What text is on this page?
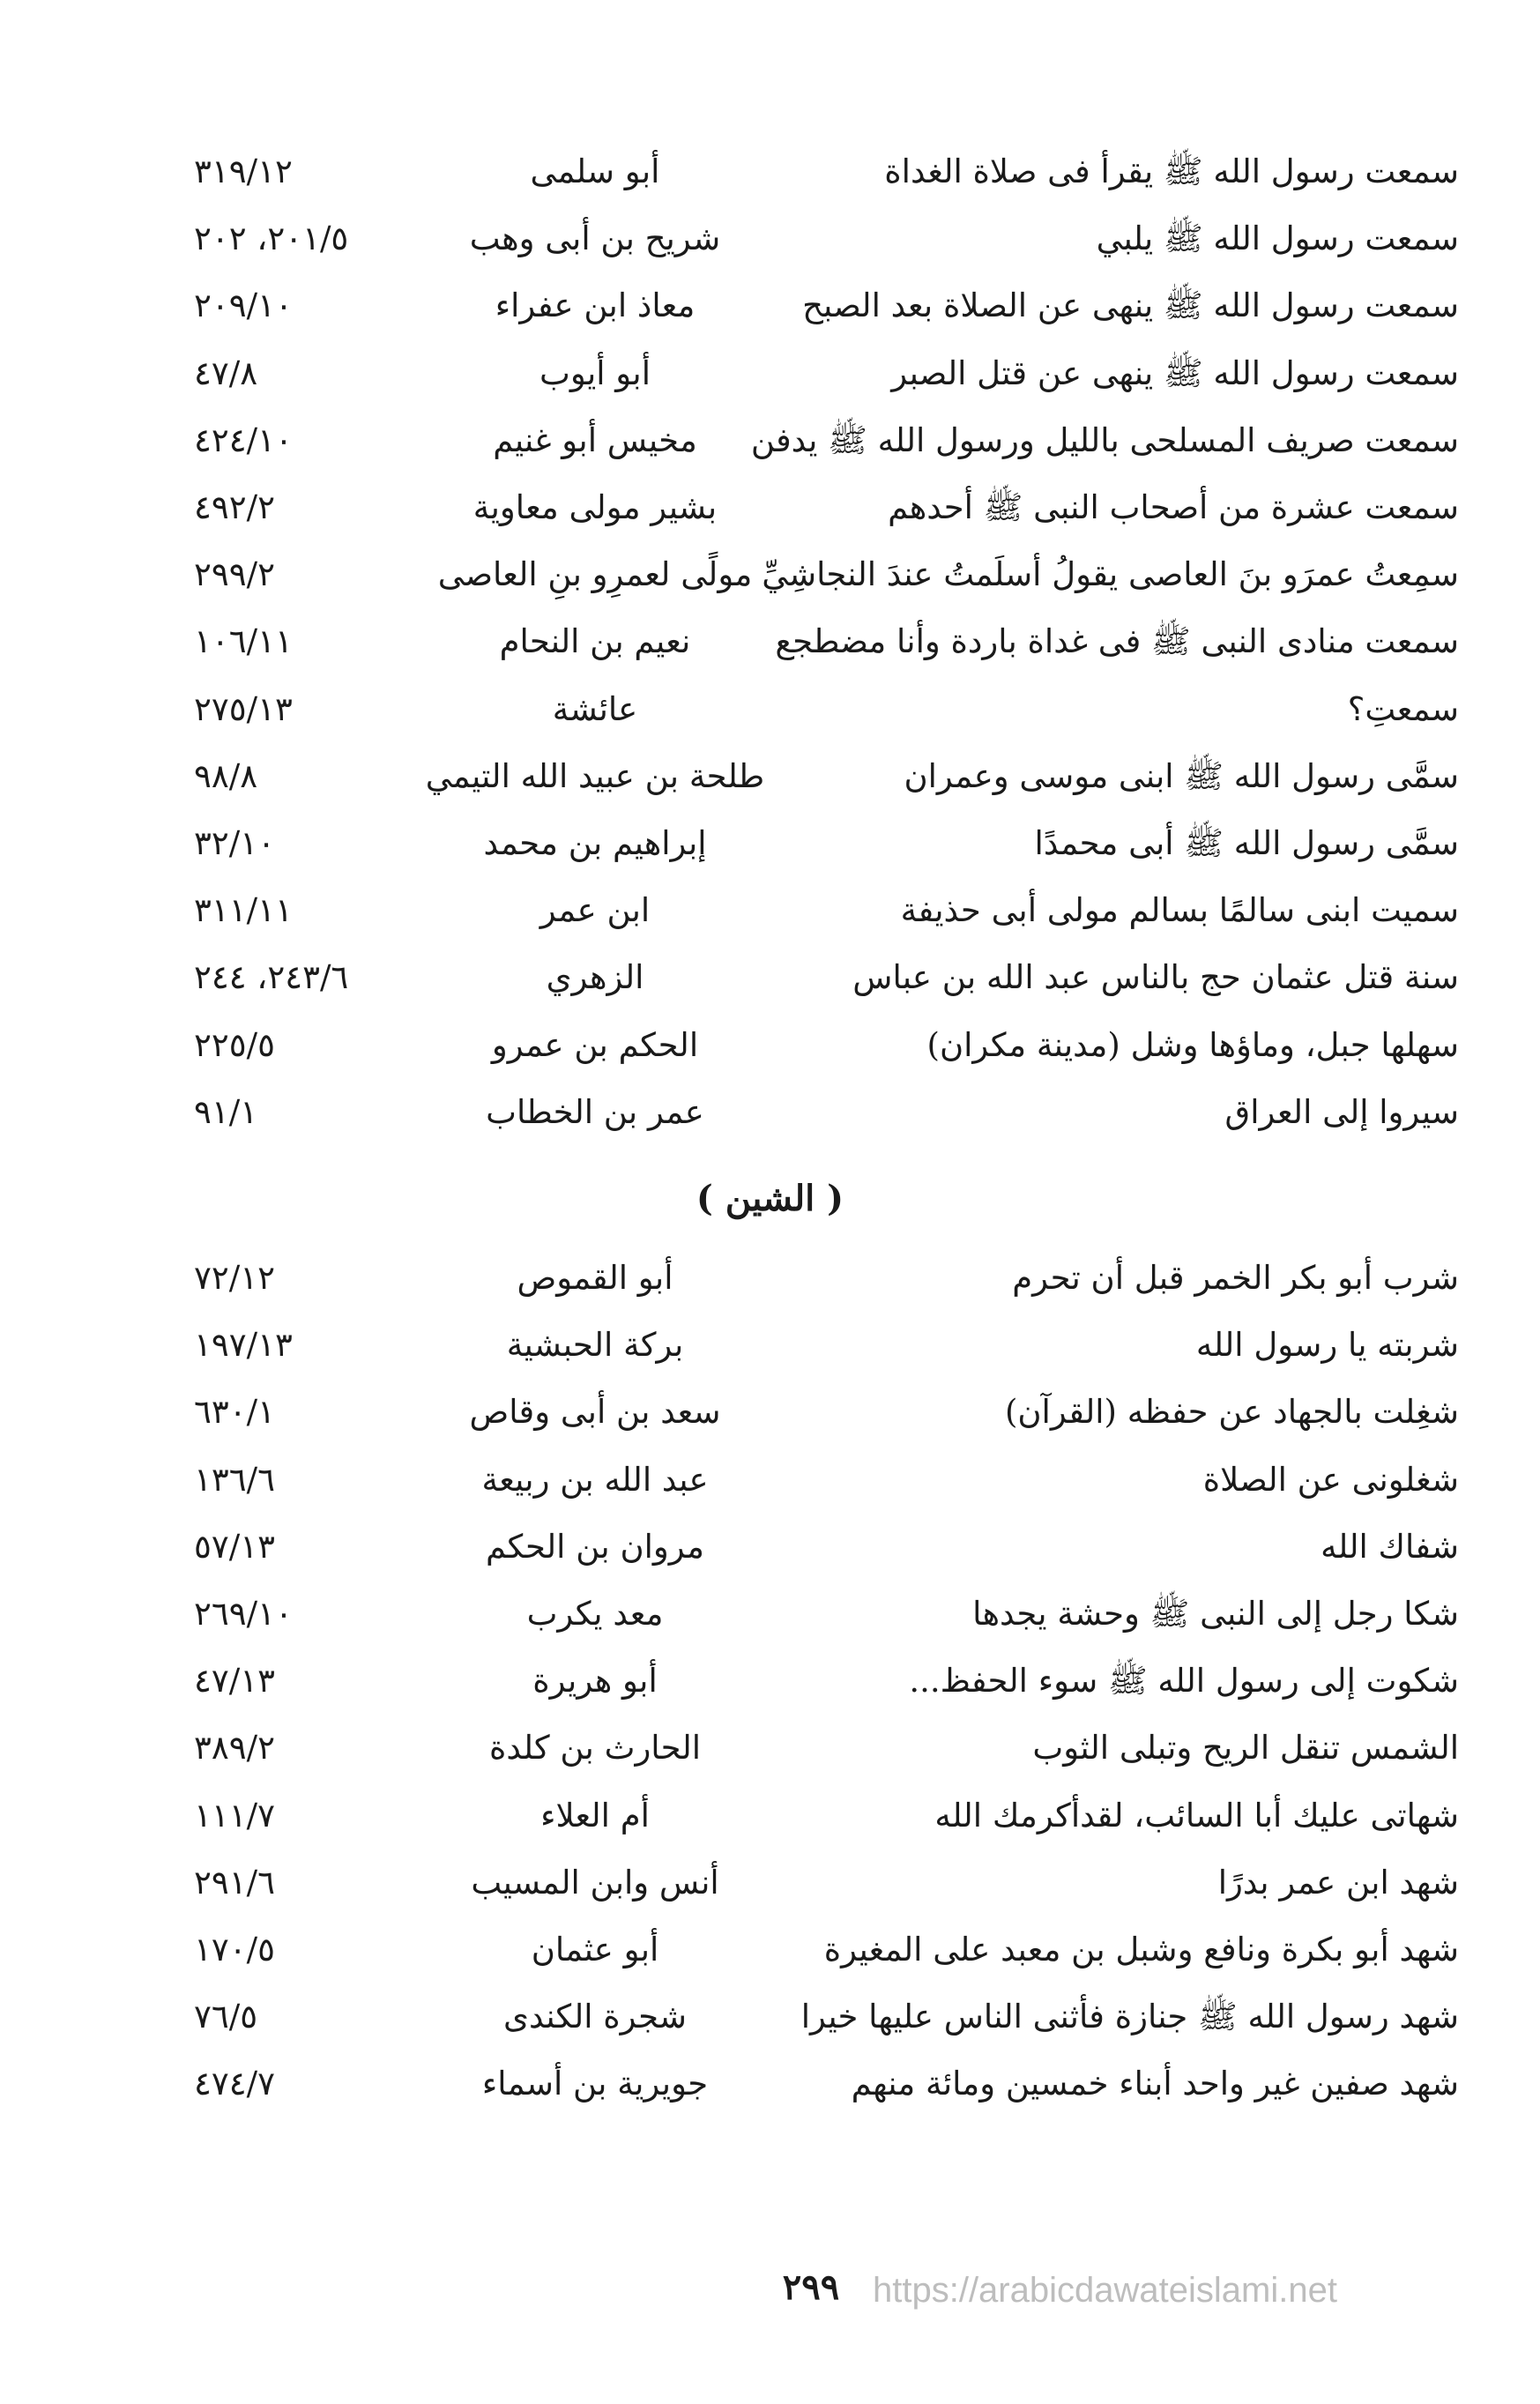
سمعت رسول الله ﷺ يقرأ فى صلاة الغداة
أبو سلمى
٣١٩/١٢
سمعت رسول الله ﷺ يلبي
شريح بن أبى وهب
٢٠١/٥، ٢٠٢
سمعت رسول الله ﷺ ينهى عن الصلاة بعد الصبح
معاذ ابن عفراء
٢٠٩/١٠
سمعت رسول الله ﷺ ينهى عن قتل الصبر
أبو أيوب
٤٧/٨
سمعت صريف المسلحى بالليل ورسول الله ﷺ يدفن
مخيس أبو غنيم
٤٢٤/١٠
سمعت عشرة من أصحاب النبى ﷺ أحدهم
بشير مولى معاوية
٤٩٢/٢
سمِعتُ عمرَو بنَ العاصى يقولُ أسلَمتُ عندَ النجاشِيِّ
مولًى لعمرِو بنِ العاصى
٢٩٩/٢
سمعت منادى النبى ﷺ فى غداة باردة وأنا مضطجع
نعيم بن النحام
١٠٦/١١
سمعتِ؟
عائشة
٢٧٥/١٣
سمَّى رسول الله ﷺ ابنى موسى وعمران
طلحة بن عبيد الله التيمي
٩٨/٨
سمَّى رسول الله ﷺ أبى محمدًا
إبراهيم بن محمد
٣٢/١٠
سميت ابنى سالمًا بسالم مولى أبى حذيفة
ابن عمر
٣١١/١١
سنة قتل عثمان حج بالناس عبد الله بن عباس
الزهري
٢٤٣/٦، ٢٤٤
سهلها جبل، وماؤها وشل (مدينة مكران)
الحكم بن عمرو
٢٢٥/٥
سيروا إلى العراق
عمر بن الخطاب
٩١/١
( الشين )
شرب أبو بكر الخمر قبل أن تحرم
أبو القموص
٧٢/١٢
شربته يا رسول الله
بركة الحبشية
١٩٧/١٣
شغِلت بالجهاد عن حفظه (القرآن)
سعد بن أبى وقاص
٦٣٠/١
شغلونى عن الصلاة
عبد الله بن ربيعة
١٣٦/٦
شفاك الله
مروان بن الحكم
٥٧/١٣
شكا رجل إلى النبى ﷺ وحشة يجدها
معد يكرب
٢٦٩/١٠
شكوت إلى رسول الله ﷺ سوء الحفظ...
أبو هريرة
٤٧/١٣
الشمس تنقل الريح وتبلى الثوب
الحارث بن كلدة
٣٨٩/٢
شهاتى عليك أبا السائب، لقدأكرمك الله
أم العلاء
١١١/٧
شهد ابن عمر بدرًا
أنس وابن المسيب
٢٩١/٦
شهد أبو بكرة ونافع وشبل بن معبد على المغيرة
أبو عثمان
١٧٠/٥
شهد رسول الله ﷺ جنازة فأثنى الناس عليها خيرا
شجرة الكندى
٧٦/٥
شهد صفين غير واحد أبناء خمسين ومائة منهم
جويرية بن أسماء
٤٧٤/٧
٢٩٩ https://arabicdawateislami.net
